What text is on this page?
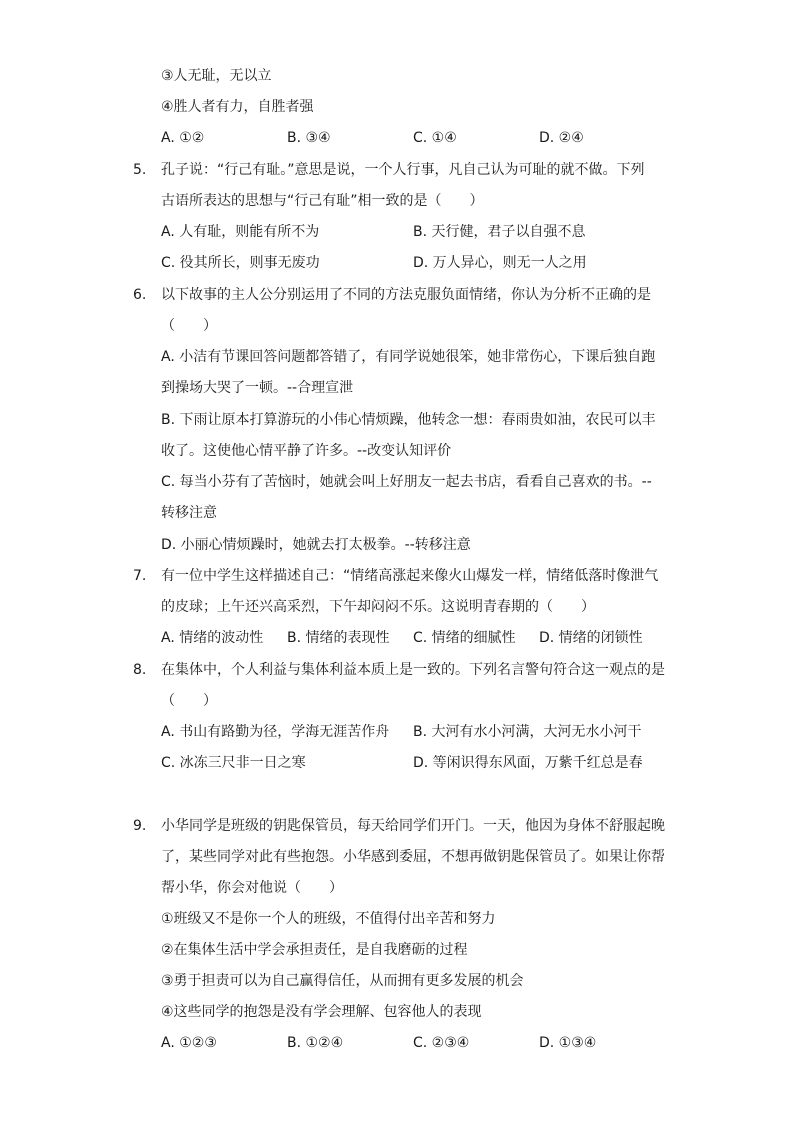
③人无耻，无以立
④胜人者有力，自胜者强
孔子说：“行己有耻。”意思是说，一个人行事，凡自己认为可耻的就不做。下列
古语所表达的思想与“行己有耻”相一致的是（　　）
以下故事的主人公分别运用了不同的方法克服负面情绪，你认为分析不正确的是
（　　）
A. 小洁有节课回答问题都答错了，有同学说她很笨，她非常伤心，下课后独自跑
到操场大哭了一顿。--合理宣泄
B. 下雨让原本打算游玩的小伟心情烦躁，他转念一想：春雨贵如油，农民可以丰
收了。这使他心情平静了许多。--改变认知评价
C. 每当小芬有了苦恼时，她就会叫上好朋友一起去书店，看看自己喜欢的书。--
转移注意
D. 小丽心情烦躁时，她就去打太极拳。--转移注意
有一位中学生这样描述自己：“情绪高涨起来像火山爆发一样，情绪低落时像泄气
的皮球；上午还兴高采烈，下午却闷闷不乐。这说明青春期的（　　）
在集体中，个人利益与集体利益本质上是一致的。下列名言警句符合这一观点的是
（　　）
小华同学是班级的钥匙保管员，每天给同学们开门。一天，他因为身体不舒服起晚
了，某些同学对此有些抱怨。小华感到委屈，不想再做钥匙保管员了。如果让你帮
帮小华，你会对他说（　　）
①班级又不是你一个人的班级，不值得付出辛苦和努力
②在集体生活中学会承担责任，是自我磨砺的过程
③勇于担责可以为自己赢得信任，从而拥有更多发展的机会
④这些同学的抱怨是没有学会理解、包容他人的表现
5.
6.
7.
8.
9.
A. ①②	B. ③④	C. ①④	D. ②④
A. 人有耻，则能有所不为	B. 天行健，君子以自强不息
C. 役其所长，则事无废功	D. 万人异心，则无一人之用
A. 情绪的波动性 B. 情绪的表现性 C. 情绪的细腻性 D. 情绪的闭锁性
A. 书山有路勤为径，学海无涯苦作舟 B. 大河有水小河满，大河无水小河干
C. 冰冻三尺非一日之寒	D. 等闲识得东风面，万紫千红总是春
A. ①②③	B. ①②④	C. ②③④	D. ①③④
